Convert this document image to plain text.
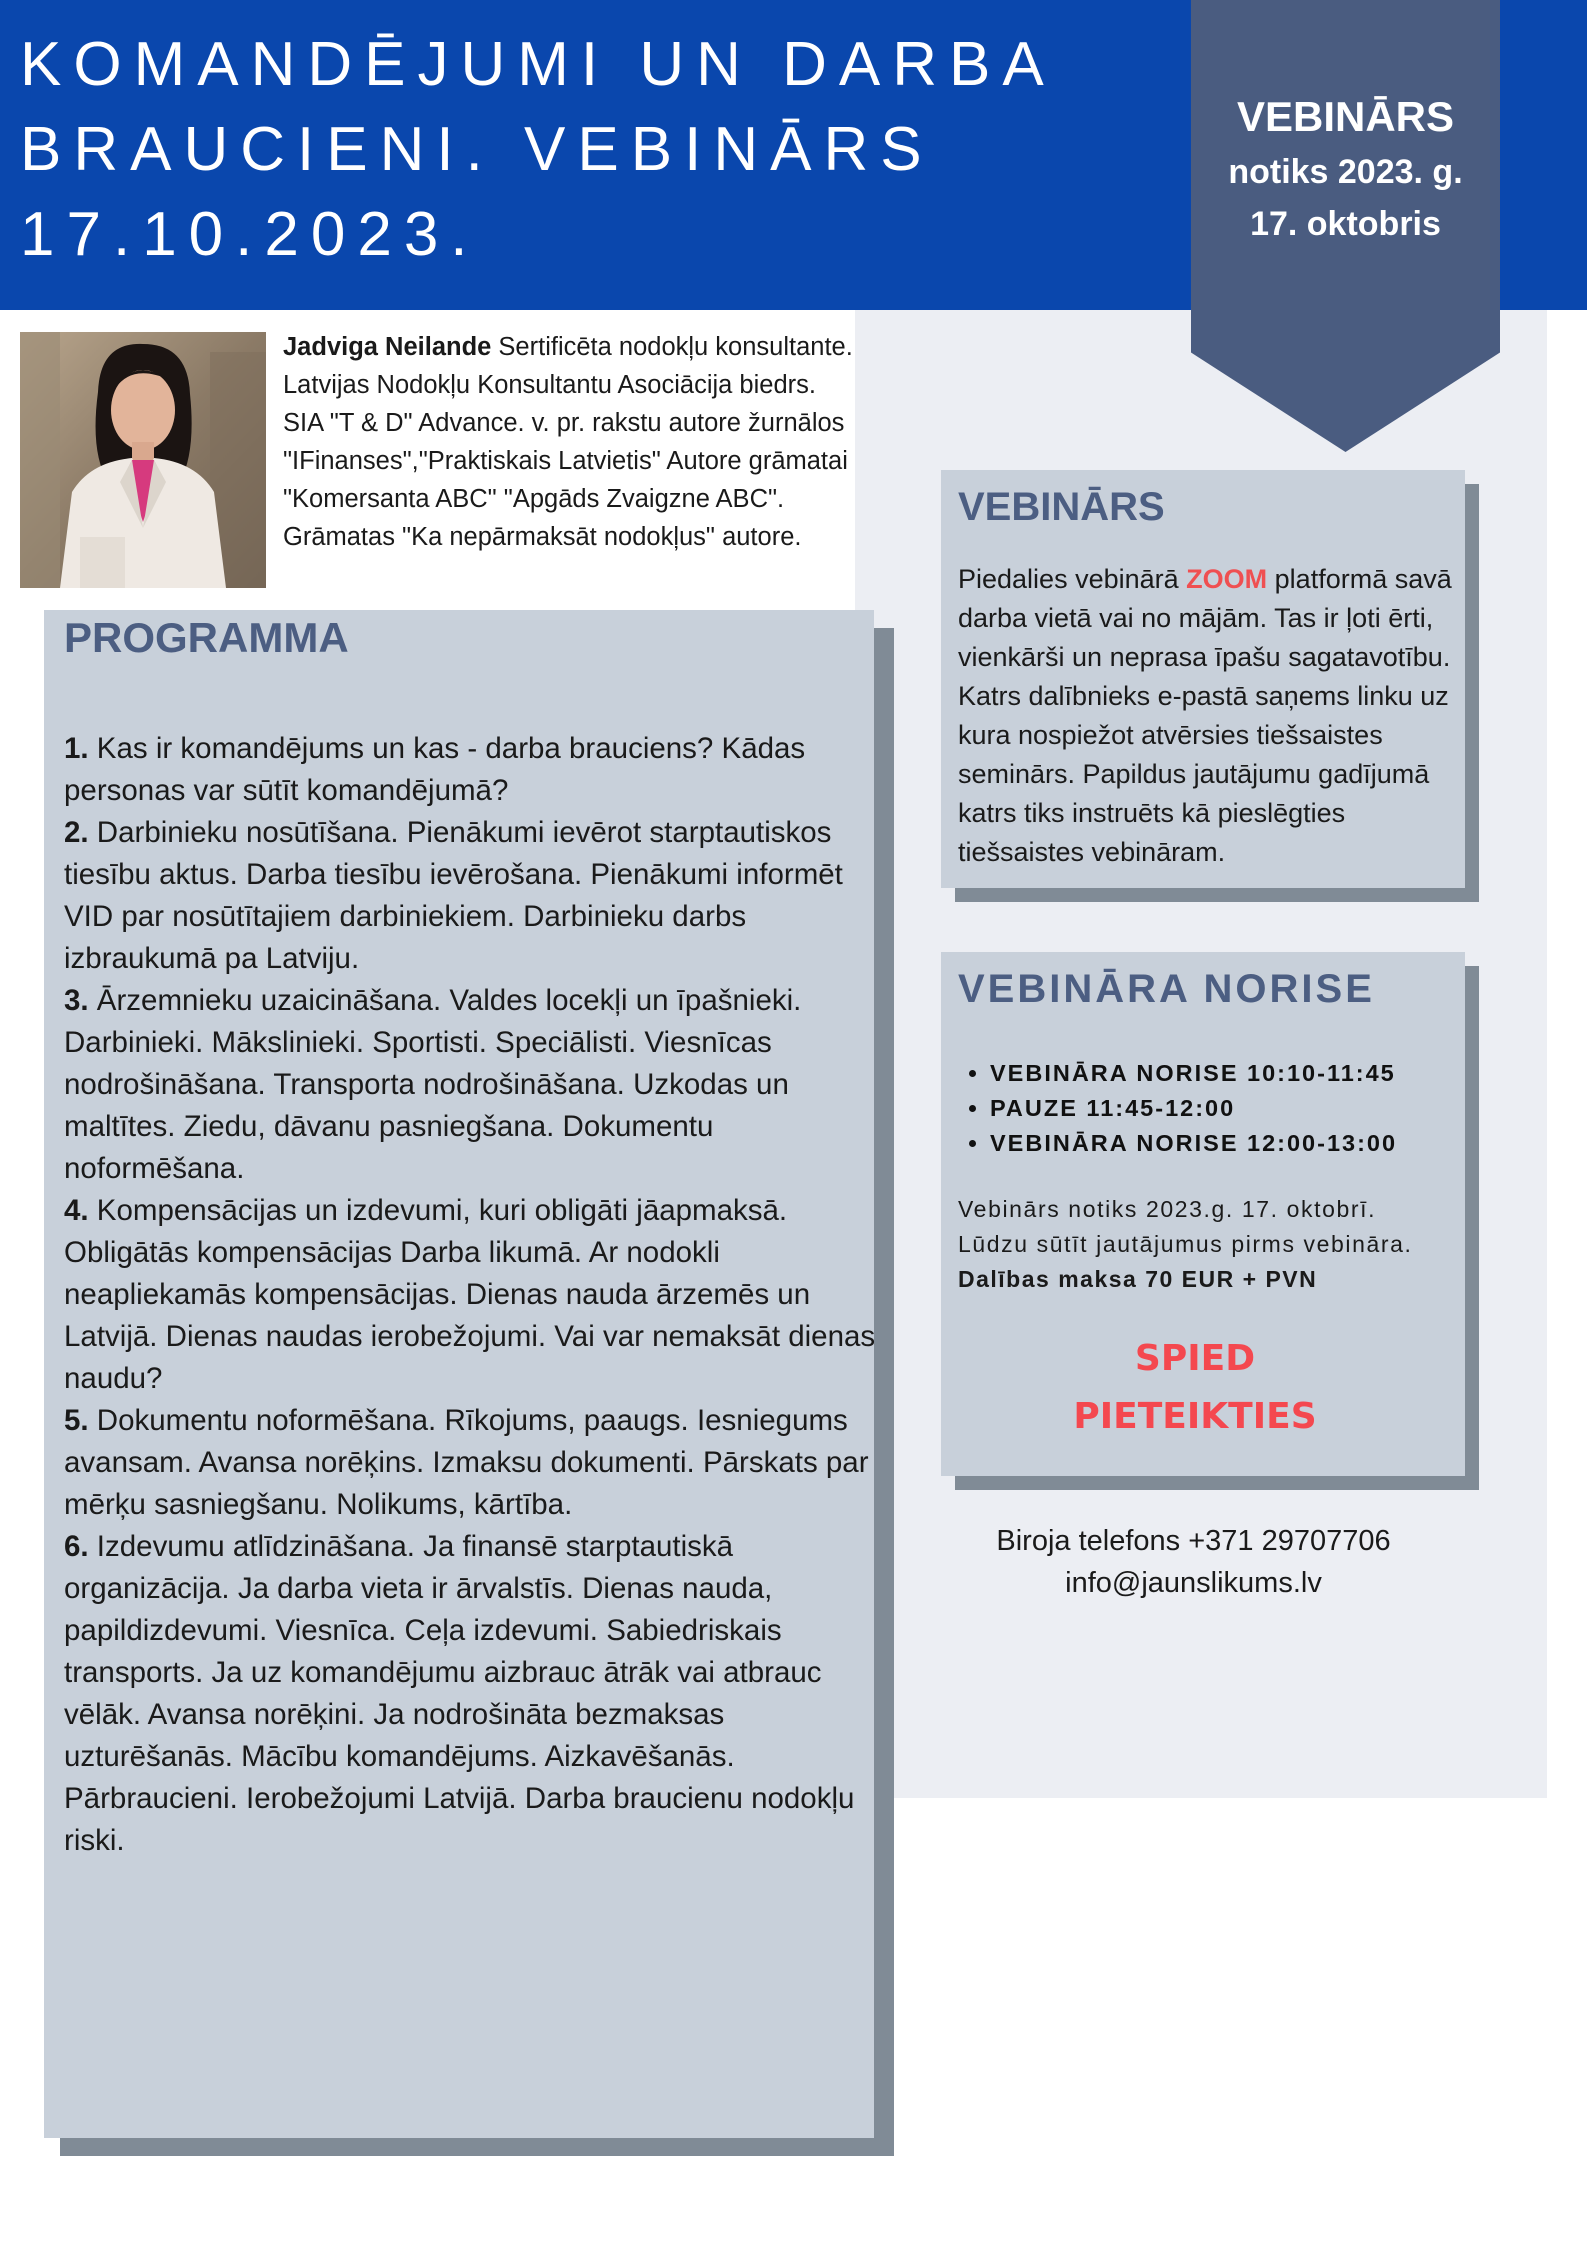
KOMANDĒJUMI UN DARBA
BRAUCIENI. VEBINĀRS
17.10.2023.
VEBINĀRS
notiks 2023. g.
17. oktobris

Jadviga Neilande Sertificēta nodokļu konsultante. Latvijas Nodokļu Konsultantu Asociācija biedrs. SIA "T & D" Advance. v. pr. rakstu autore žurnālos "IFinanses","Praktiskais Latvietis" Autore grāmatai "Komersanta ABC" "Apgāds Zvaigzne ABC". Grāmatas "Ka nepārmaksāt nodokļus" autore.

PROGRAMMA
1. Kas ir komandējums un kas - darba brauciens? Kādas personas var sūtīt komandējumā?
2. Darbinieku nosūtīšana. Pienākumi ievērot starptautiskos tiesību aktus. Darba tiesību ievērošana. Pienākumi informēt VID par nosūtītajiem darbiniekiem. Darbinieku darbs izbraukumā pa Latviju.
3. Ārzemnieku uzaicināšana. Valdes locekļi un īpašnieki. Darbinieki. Mākslinieki. Sportisti. Speciālisti. Viesnīcas nodrošināšana. Transporta nodrošināšana. Uzkodas un maltītes. Ziedu, dāvanu pasniegšana. Dokumentu noformēšana.
4. Kompensācijas un izdevumi, kuri obligāti jāapmaksā. Obligātās kompensācijas Darba likumā. Ar nodokli neapliekamās kompensācijas. Dienas nauda ārzemēs un Latvijā. Dienas naudas ierobežojumi. Vai var nemaksāt dienas naudu?
5. Dokumentu noformēšana. Rīkojums, paaugs. Iesniegums avansam. Avansa norēķins. Izmaksu dokumenti. Pārskats par mērķu sasniegšanu. Nolikums, kārtība.
6. Izdevumu atlīdzināšana. Ja finansē starptautiskā organizācija. Ja darba vieta ir ārvalstīs. Dienas nauda, papildizdevumi. Viesnīca. Ceļa izdevumi. Sabiedriskais transports. Ja uz komandējumu aizbrauc ātrāk vai atbrauc vēlāk. Avansa norēķini. Ja nodrošināta bezmaksas uzturēšanās. Mācību komandējums. Aizkavēšanās. Pārbraucieni. Ierobežojumi Latvijā. Darba braucienu nodokļu riski.
VEBINĀRS

Piedalies vebinārā ZOOM platformā savā darba vietā vai no mājām. Tas ir ļoti ērti, vienkārši un neprasa īpašu sagatavotību. Katrs dalībnieks e-pastā saņems linku uz kura nospiežot atvērsies tiešsaistes seminārs. Papildus jautājumu gadījumā katrs tiks instruēts kā pieslēgties tiešsaistes vebināram.

VEBINĀRA NORISE
• VEBINĀRA NORISE 10:10-11:45
• PAUZE 11:45-12:00
• VEBINĀRA NORISE 12:00-13:00

Vebinārs notiks 2023.g. 17. oktobrī.
Lūdzu sūtīt jautājumus pirms vebināra.
Dalības maksa 70 EUR + PVN

SPIED
PIETEIKTIES
Biroja telefons +371 29707706
info@jaunslikums.lv
